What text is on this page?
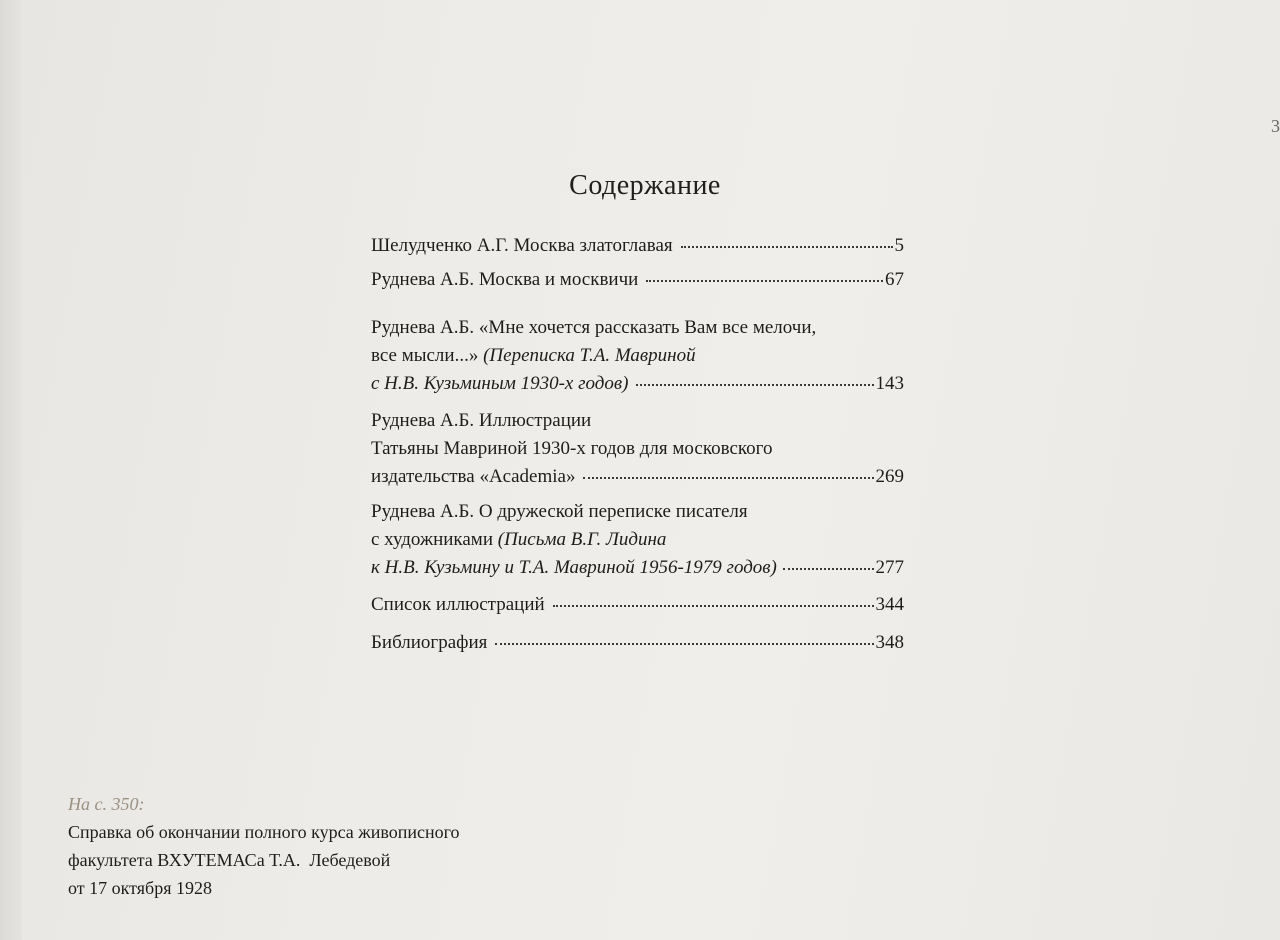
3
Содержание
Шелудченко А.Г. Москва златоглавая	5
Руднева А.Б. Москва и москвичи	67
Руднева А.Б. «Мне хочется рассказать Вам все мелочи,
все мысли...» (Переписка Т.А. Мавриной
с Н.В. Кузьминым 1930-х годов)	143
Руднева А.Б. Иллюстрации
Татьяны Мавриной 1930-х годов для московского
издательства «Academia»	269
Руднева А.Б. О дружеской переписке писателя
с художниками (Письма В.Г. Лидина
к Н.В. Кузьмину и Т.А. Мавриной 1956-1979 годов)	277
Список иллюстраций	344
Библиография	348
На с. 350:
Справка об окончании полного курса живописного
факультета ВХУТЕМАСа Т.А.  Лебедевой
от 17 октября 1928
